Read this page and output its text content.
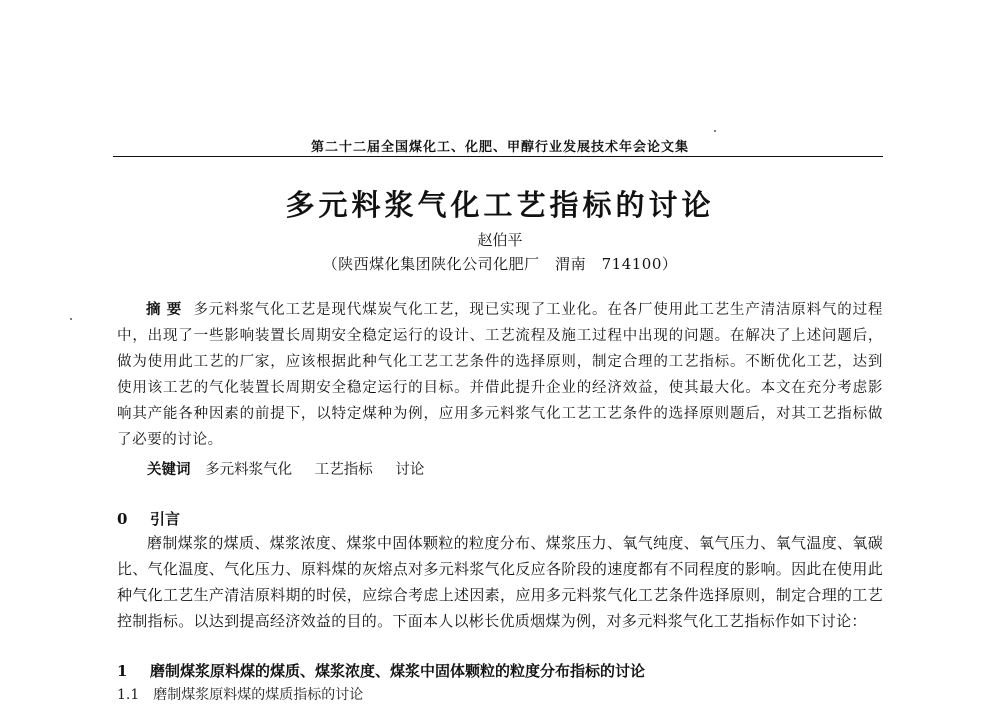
第二十二届全国煤化工、化肥、甲醇行业发展技术年会论文集
多元料浆气化工艺指标的讨论
赵伯平
（陕西煤化集团陕化公司化肥厂　渭南　714100）
摘要 多元料浆气化工艺是现代煤炭气化工艺，现已实现了工业化。在各厂使用此工艺生产清洁原料气的过程中，出现了一些影响装置长周期安全稳定运行的设计、工艺流程及施工过程中出现的问题。在解决了上述问题后，做为使用此工艺的厂家，应该根据此种气化工艺工艺条件的选择原则，制定合理的工艺指标。不断优化工艺，达到使用该工艺的气化装置长周期安全稳定运行的目标。并借此提升企业的经济效益，使其最大化。本文在充分考虑影响其产能各种因素的前提下，以特定煤种为例，应用多元料浆气化工艺工艺条件的选择原则题后，对其工艺指标做了必要的讨论。
关键词 多元料浆气化 工艺指标 讨论
0 引言
磨制煤浆的煤质、煤浆浓度、煤浆中固体颗粒的粒度分布、煤浆压力、氧气纯度、氧气压力、氧气温度、氧碳比、气化温度、气化压力、原料煤的灰熔点对多元料浆气化反应各阶段的速度都有不同程度的影响。因此在使用此种气化工艺生产清洁原料期的时侯，应综合考虑上述因素，应用多元料浆气化工艺条件选择原则，制定合理的工艺控制指标。以达到提高经济效益的目的。下面本人以彬长优质烟煤为例，对多元料浆气化工艺指标作如下讨论：
1 磨制煤浆原料煤的煤质、煤浆浓度、煤浆中固体颗粒的粒度分布指标的讨论
1.1　磨制煤浆原料煤的煤质指标的讨论
